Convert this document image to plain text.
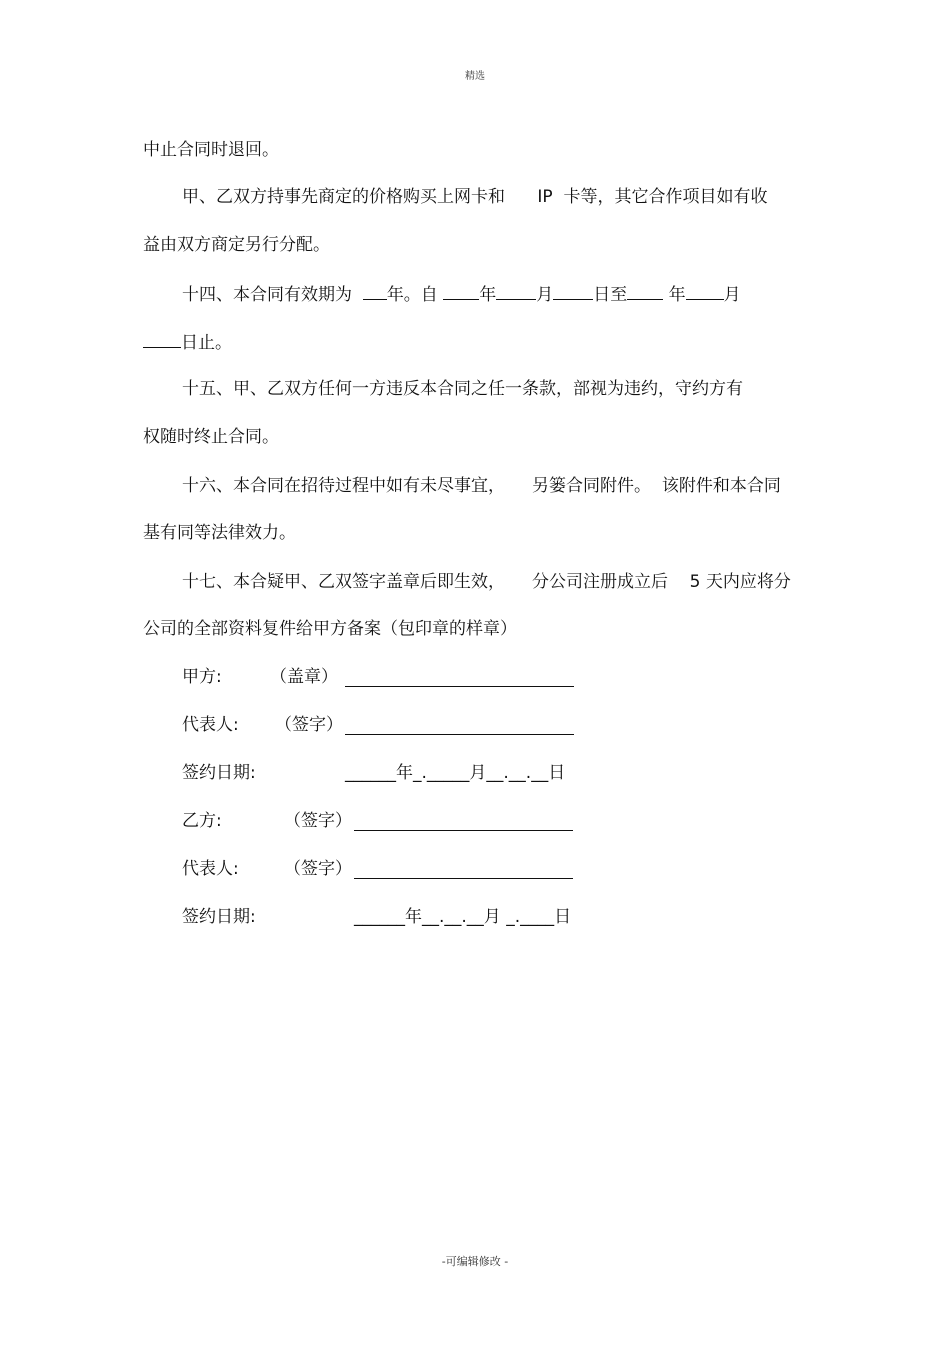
精选
中止合同时退回。
甲、乙双方持事先商定的价格购买上网卡和      IP  卡等，其它合作项目如有收
益由双方商定另行分配。
十四、本合同有效期为  年。自 年 月 日至 年 月
日止。
十五、甲、乙双方任何一方违反本合同之任一条款，部视为违约，守约方有
权随时终止合同。
十六、本合同在招待过程中如有未尽事宜，     另篓合同附件。  该附件和本合同
基有同等法律效力。
十七、本合疑甲、乙双签字盖章后即生效，     分公司注册成立后    5 天内应将分
公司的全部资料复件给甲方备案（包印章的样章）

甲方:

	（盖章）

代表人:

（签字）

签约日期:

	______年_._____月__.__.__日

乙方:

	（签字）

代表人:

	（签字）

签约日期:

	______年__.__.__月 _.____日

-可编辑修改 -
